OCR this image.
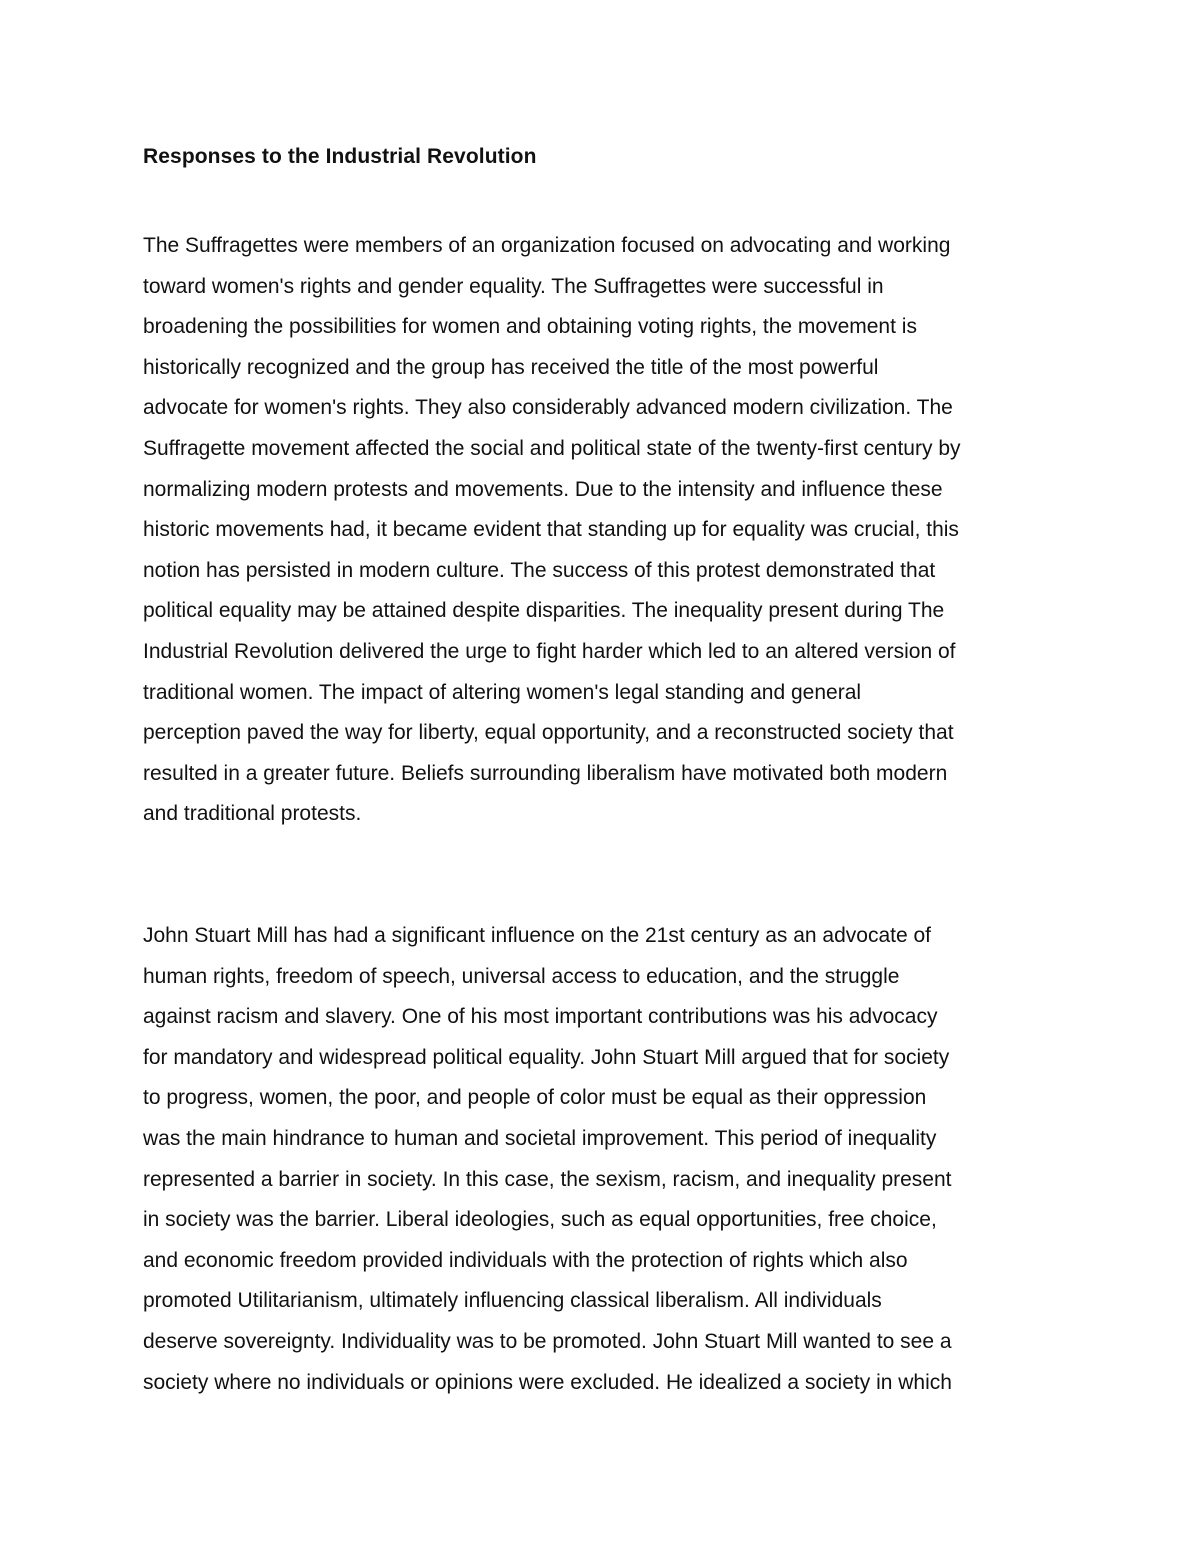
Responses to the Industrial Revolution
The Suffragettes were members of an organization focused on advocating and working
toward women's rights and gender equality. The Suffragettes were successful in
broadening the possibilities for women and obtaining voting rights, the movement is
historically recognized and the group has received the title of the most powerful
advocate for women's rights. They also considerably advanced modern civilization. The
Suffragette movement affected the social and political state of the twenty-first century by
normalizing modern protests and movements. Due to the intensity and influence these
historic movements had, it became evident that standing up for equality was crucial, this
notion has persisted in modern culture. The success of this protest demonstrated that
political equality may be attained despite disparities. The inequality present during The
Industrial Revolution delivered the urge to fight harder which led to an altered version of
traditional women. The impact of altering women's legal standing and general
perception paved the way for liberty, equal opportunity, and a reconstructed society that
resulted in a greater future. Beliefs surrounding liberalism have motivated both modern
and traditional protests.
John Stuart Mill has had a significant influence on the 21st century as an advocate of
human rights, freedom of speech, universal access to education, and the struggle
against racism and slavery. One of his most important contributions was his advocacy
for mandatory and widespread political equality. John Stuart Mill argued that for society
to progress, women, the poor, and people of color must be equal as their oppression
was the main hindrance to human and societal improvement. This period of inequality
represented a barrier in society. In this case, the sexism, racism, and inequality present
in society was the barrier. Liberal ideologies, such as equal opportunities, free choice,
and economic freedom provided individuals with the protection of rights which also
promoted Utilitarianism, ultimately influencing classical liberalism. All individuals
deserve sovereignty. Individuality was to be promoted. John Stuart Mill wanted to see a
society where no individuals or opinions were excluded. He idealized a society in which
